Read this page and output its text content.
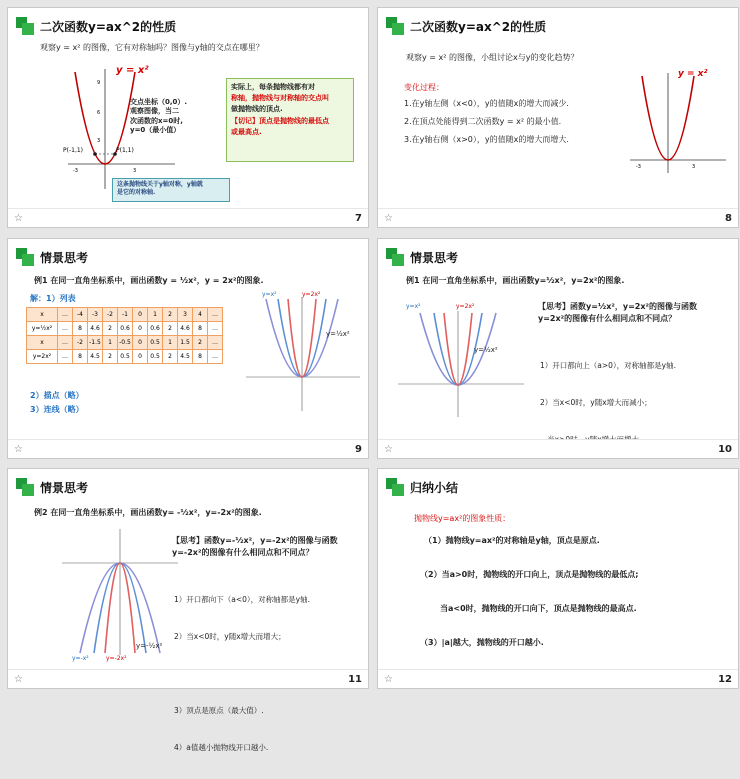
二次函数y=ax^2的性质
观察y = x² 的图像，它有对称轴吗？图像与y轴的交点在哪里？
P(-1,1)	P(1,1)
-3	3
9
6
3
y = x²
交点坐标（0,0）.
观察图像，当二
次函数的x=0时,
y=0（最小值）
实际上，每条抛物线都有对
称轴，抛物线与对称轴的交点叫
做抛物线的顶点.
【切记】顶点是抛物线的最低点
或最高点.
这条抛物线关于y轴对称，y轴就
是它的对称轴.
☆	7
二次函数y=ax^2的性质
观察y = x² 的图像，小组讨论x与y的变化趋势？
变化过程：
1.在y轴左侧（x<0），y的值随x的增大而减少.
2.在顶点处能得到二次函数y = x² 的最小值.
3.在y轴右侧（x>0），y的值随x的增大而增大.
-3	3
y = x²
☆	8
情景思考
例1 在同一直角坐标系中，画出函数y = ½x²，y = 2x²的图象.
解：1）列表
x	…	-4	-3	-2	-1	0	1	2	3	4	…
y=½x²	…	8	4.6	2	0.6	0	0.6	2	4.6	8	…
x	…	-2	-1.5	1	-0.5	0	0.5	1	1.5	2	…
y=2x²	…	8	4.5	2	0.5	0	0.5	2	4.5	8	…
2）描点（略）
3）连线（略）
y=x²	y=2x²
y=½x²
☆	9
情景思考
例1 在同一直角坐标系中，画出函数y=½x²，y=2x²的图象.
y=x²	y=2x²
y=½x²
【思考】函数y=½x²，y=2x²的图像与函数
y=2x²的图像有什么相同点和不同点？

1）开口都向上（a>0），对称轴都是y轴.

2）当x<0时，y随x增大而减小；

☆	10
情景思考
例2 在同一直角坐标系中，画出函数y= -½x²，y=-2x²的图象.
y=-x²	y=-2x²
y=-½x²
【思考】函数y=-½x²，y=-2x²的图像与函数
y=-2x²的图像有什么相同点和不同点？

1）开口都向下（a<0），对称轴都是y轴.

2）当x<0时，y随x增大而增大；

3）顶点是原点（最大值）.

4）a值越小抛物线开口越小.

☆	11
归纳小结
抛物线y=ax²的图象性质：
（1）抛物线y=ax²的对称轴是y轴，顶点是原点.
（2）当a>0时，抛物线的开口向上，顶点是抛物线的最低点;
当a<0时，抛物线的开口向下，顶点是抛物线的最高点.
（3）|a|越大，抛物线的开口越小.
☆	12
